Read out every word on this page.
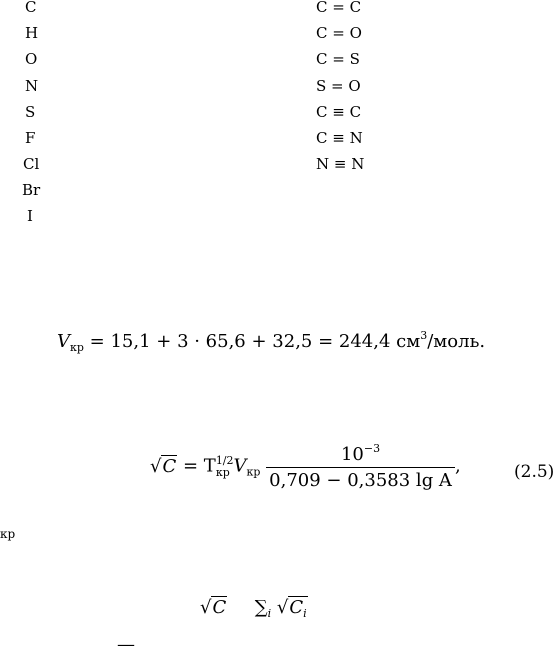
C
H
O
N
S
F
Cl
Br
I
C = C
C = O
C = S
S = O
C ≡ C
C ≡ N
N ≡ N
$V_{кр} = 15,1 + 3 \cdot 65,6 + 32,5 = 244,4$ $см^3$/моль.
√C = T 1/2
кр $V_{кр} \frac{10^{-3}}{\text{0,709 − 0,3583 lg A}}$ ,	(2.5)
кр
√C $\sum_i$ $√C_i$
—
